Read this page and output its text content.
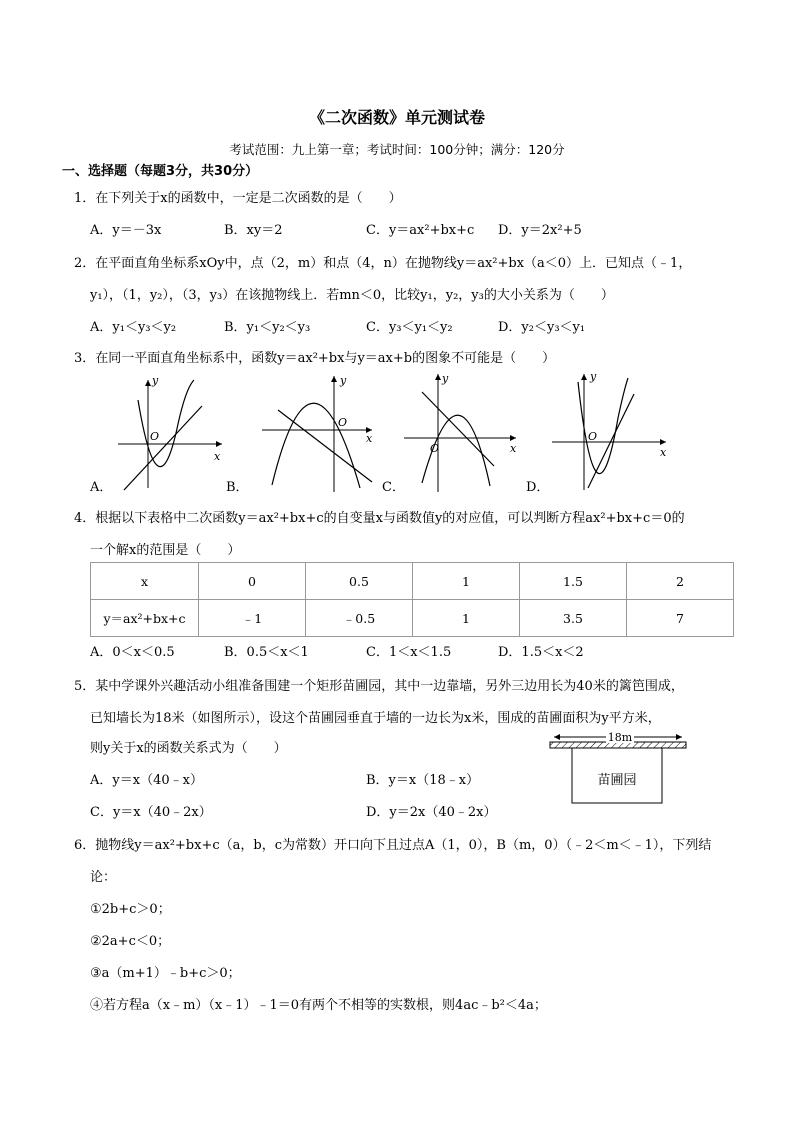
《二次函数》单元测试卷
考试范围：九上第一章；考试时间：100分钟；满分：120分
一、选择题（每题3分，共30分）
1．在下列关于x的函数中，一定是二次函数的是（　　）
A．y＝－3x	B．xy＝2	C．y＝ax²+bx+c D．y＝2x²+5
2．在平面直角坐标系xOy中，点（2，m）和点（4，n）在抛物线y＝ax²+bx（a＜0）上．已知点（﹣1，
y₁），（1，y₂），（3，y₃）在该抛物线上．若mn＜0，比较y₁，y₂，y₃的大小关系为（　　）
A．y₁＜y₃＜y₂	B．y₁＜y₂＜y₃	C．y₃＜y₁＜y₂	D．y₂＜y₃＜y₁
3．在同一平面直角坐标系中，函数y＝ax²+bx与y＝ax+b的图象不可能是（　　）
x
y
O
A．
x
y
O
B．
x
y
O
C．
x
y
O
D．
4．根据以下表格中二次函数y＝ax²+bx+c的自变量x与函数值y的对应值，可以判断方程ax²+bx+c＝0的
一个解x的范围是（　　）
x	0	0.5	1	1.5	2
y＝ax²+bx+c	﹣1	﹣0.5	1	3.5	7
A．0＜x＜0.5	B．0.5＜x＜1	C．1＜x＜1.5	D．1.5＜x＜2
5．某中学课外兴趣活动小组准备围建一个矩形苗圃园，其中一边靠墙，另外三边用长为40米的篱笆围成，
已知墙长为18米（如图所示），设这个苗圃园垂直于墙的一边长为x米，围成的苗圃面积为y平方米，
则y关于x的函数关系式为（　　）
A．y＝x（40﹣x）	B．y＝x（18﹣x）
C．y＝x（40﹣2x）	D．y＝2x（40﹣2x）
18m
苗圃园
6．抛物线y＝ax²+bx+c（a，b，c为常数）开口向下且过点A（1，0），B（m，0）（﹣2＜m＜﹣1），下列结
论：
①2b+c＞0；
②2a+c＜0；
③a（m+1）﹣b+c＞0；
④若方程a（x﹣m）（x﹣1）﹣1＝0有两个不相等的实数根，则4ac﹣b²＜4a；
